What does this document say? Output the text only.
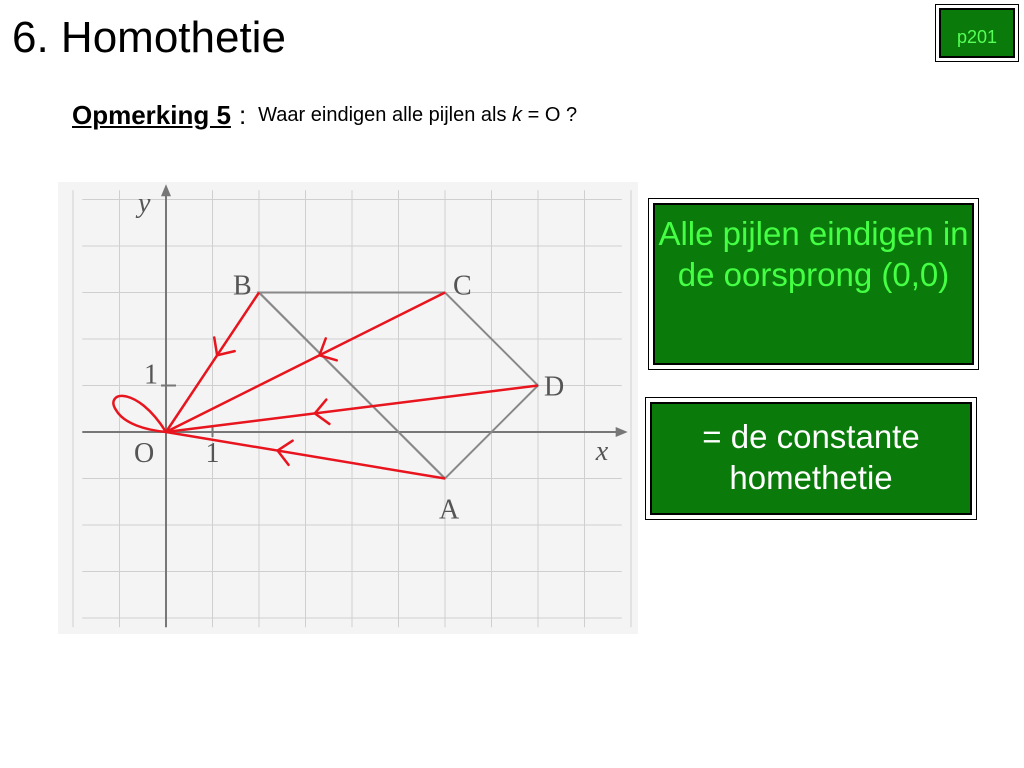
6. Homothetie	p201
Opmerking 5 : Waar eindigen alle pijlen als k = O ?
A
B	C
D
y
x
O 1
1
Alle pijlen eindigen in de oorsprong (0,0)
= de constante homethetie
